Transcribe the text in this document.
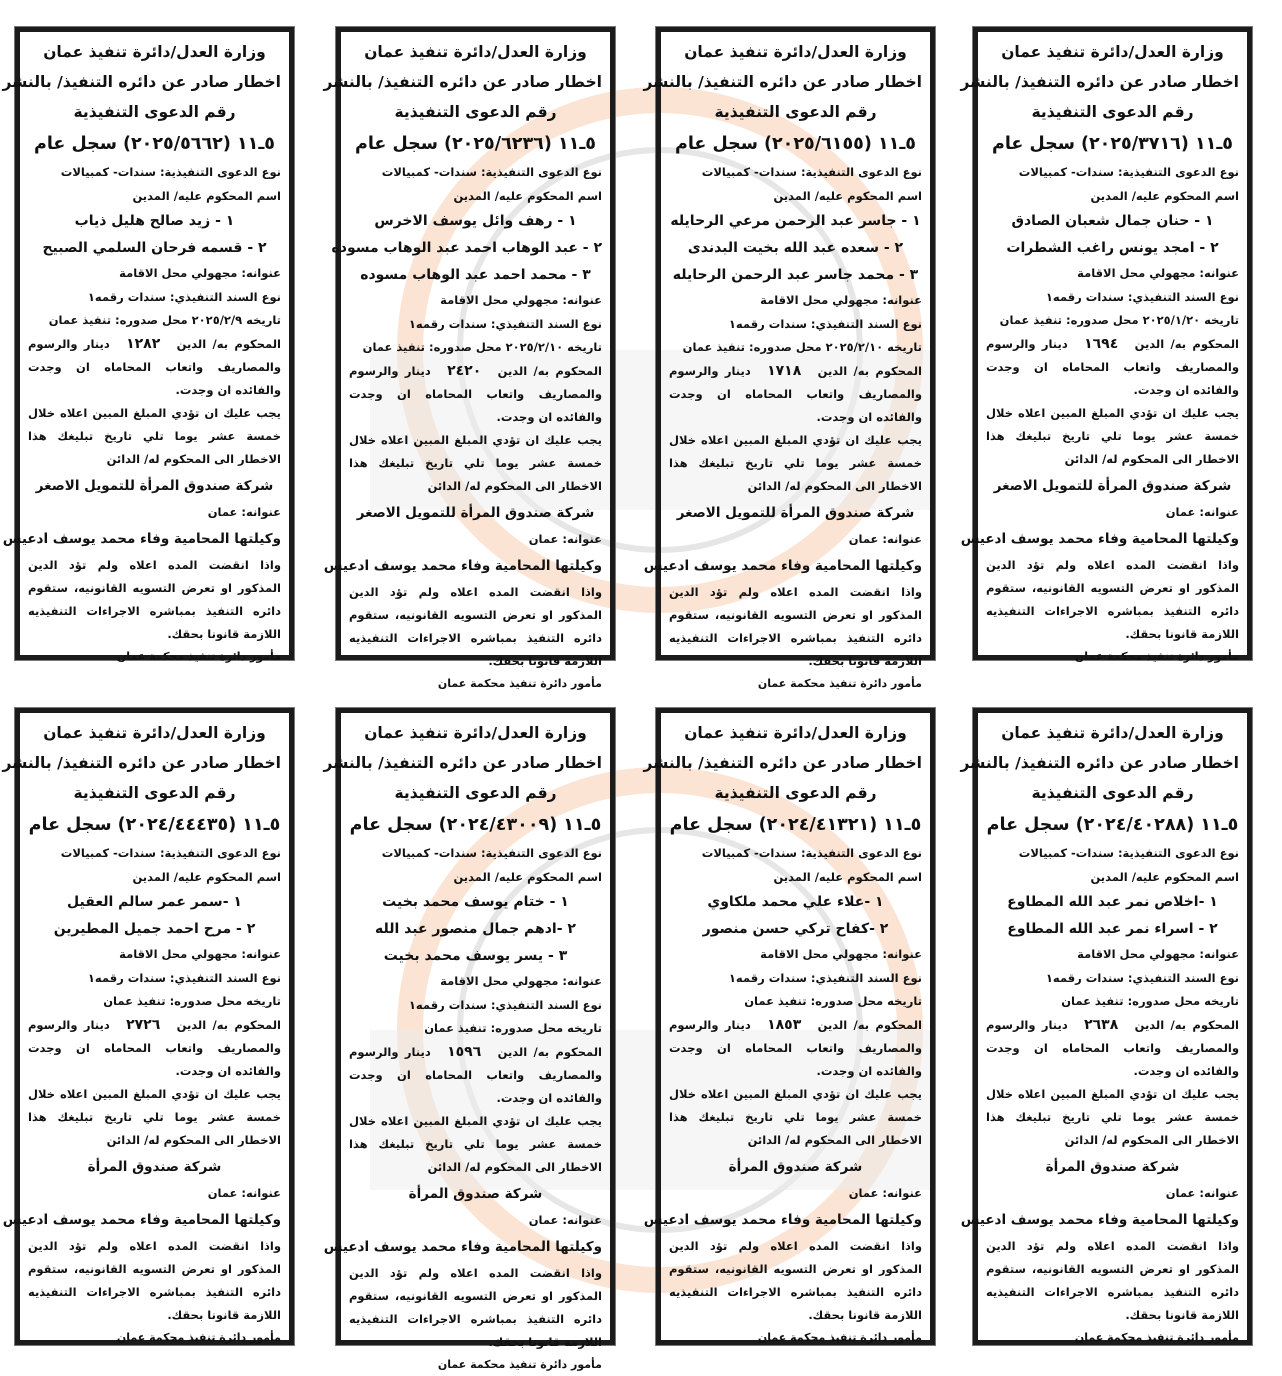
وزارة العدل/دائرة تنفيذ عمان
اخطار صادر عن دائره التنفيذ/ بالنشر
رقم الدعوى التنفيذية
٥ـ١١ (٢٠٢٥/٣٧١٦) سجل عام
نوع الدعوى التنفيذية: سندات- كمبيالات
اسم المحكوم عليه/ المدين
١ - حنان جمال شعبان الصادق
٢ - امجد يونس راغب الشطرات
عنوانه: مجهولي محل الاقامة
نوع السند التنفيذي: سندات رقمه١
تاريخه ٢٠٢٥/١/٢٠ محل صدوره: تنفيذ عمان
المحكوم به/ الدين ١٦٩٤ دينار والرسوم والمصاريف واتعاب المحاماه ان وجدت والفائده ان وجدت.
يجب عليك ان تؤدي المبلغ المبين اعلاه خلال خمسة عشر يوما تلي تاريخ تبليغك هذا الاخطار الى المحكوم له/ الدائن
شركة صندوق المرأة للتمويل الاصغر
عنوانه: عمان
وكيلتها المحامية وفاء محمد يوسف ادعيس
واذا انقضت المده اعلاه ولم تؤد الدين المذكور او تعرض التسويه القانونيه، ستقوم دائره التنفيذ بمباشره الاجراءات التنفيذيه اللازمة قانونا بحقك.
مأمور دائرة تنفيذ محكمة عمان
وزارة العدل/دائرة تنفيذ عمان
اخطار صادر عن دائره التنفيذ/ بالنشر
رقم الدعوى التنفيذية
٥ـ١١ (٢٠٢٥/٦١٥٥) سجل عام
نوع الدعوى التنفيذية: سندات- كمبيالات
اسم المحكوم عليه/ المدين
١ - جاسر عبد الرحمن مرعي الرحايله
٢ - سعده عبد الله بخيت البدندى
٣ - محمد جاسر عبد الرحمن الرحايله
عنوانه: مجهولي محل الاقامة
نوع السند التنفيذي: سندات رقمه١
تاريخه ٢٠٢٥/٢/١٠ محل صدوره: تنفيذ عمان
المحكوم به/ الدين ١٧١٨ دينار والرسوم والمصاريف واتعاب المحاماه ان وجدت والفائده ان وجدت.
يجب عليك ان تؤدي المبلغ المبين اعلاه خلال خمسة عشر يوما تلي تاريخ تبليغك هذا الاخطار الى المحكوم له/ الدائن
شركة صندوق المرأة للتمويل الاصغر
عنوانه: عمان
وكيلتها المحامية وفاء محمد يوسف ادعيس
واذا انقضت المده اعلاه ولم تؤد الدين المذكور او تعرض التسويه القانونيه، ستقوم دائره التنفيذ بمباشره الاجراءات التنفيذيه اللازمة قانونا بحقك.
مأمور دائرة تنفيذ محكمة عمان
وزارة العدل/دائرة تنفيذ عمان
اخطار صادر عن دائره التنفيذ/ بالنشر
رقم الدعوى التنفيذية
٥ـ١١ (٢٠٢٥/٦٢٣٦) سجل عام
نوع الدعوى التنفيذية: سندات- كمبيالات
اسم المحكوم عليه/ المدين
١ - رهف وائل يوسف الاخرس
٢ - عبد الوهاب احمد عبد الوهاب مسوده
٣ - محمد احمد عبد الوهاب مسوده
عنوانه: مجهولي محل الاقامة
نوع السند التنفيذي: سندات رقمه١
تاريخه ٢٠٢٥/٢/١٠ محل صدوره: تنفيذ عمان
المحكوم به/ الدين ٢٤٢٠ دينار والرسوم والمصاريف واتعاب المحاماه ان وجدت والفائده ان وجدت.
يجب عليك ان تؤدي المبلغ المبين اعلاه خلال خمسة عشر يوما تلي تاريخ تبليغك هذا الاخطار الى المحكوم له/ الدائن
شركة صندوق المرأة للتمويل الاصغر
عنوانه: عمان
وكيلتها المحامية وفاء محمد يوسف ادعيس
واذا انقضت المده اعلاه ولم تؤد الدين المذكور او تعرض التسويه القانونيه، ستقوم دائره التنفيذ بمباشره الاجراءات التنفيذيه اللازمة قانونا بحقك.
مأمور دائرة تنفيذ محكمة عمان
وزارة العدل/دائرة تنفيذ عمان
اخطار صادر عن دائره التنفيذ/ بالنشر
رقم الدعوى التنفيذية
٥ـ١١ (٢٠٢٥/٥٦٦٢) سجل عام
نوع الدعوى التنفيذية: سندات- كمبيالات
اسم المحكوم عليه/ المدين
١ - زيد صالح هليل ذياب
٢ - قسمه فرحان السلمي الصبيح
عنوانه: مجهولي محل الاقامة
نوع السند التنفيذي: سندات رقمه١
تاريخه ٢٠٢٥/٢/٩ محل صدوره: تنفيذ عمان
المحكوم به/ الدين ١٢٨٢ دينار والرسوم والمصاريف واتعاب المحاماه ان وجدت والفائده ان وجدت.
يجب عليك ان تؤدي المبلغ المبين اعلاه خلال خمسة عشر يوما تلي تاريخ تبليغك هذا الاخطار الى المحكوم له/ الدائن
شركة صندوق المرأة للتمويل الاصغر
عنوانه: عمان
وكيلتها المحامية وفاء محمد يوسف ادعيس
واذا انقضت المده اعلاه ولم تؤد الدين المذكور او تعرض التسويه القانونيه، ستقوم دائره التنفيذ بمباشره الاجراءات التنفيذيه اللازمة قانونا بحقك.
مأمور دائرة تنفيذ محكمة عمان
وزارة العدل/دائرة تنفيذ عمان
اخطار صادر عن دائره التنفيذ/ بالنشر
رقم الدعوى التنفيذية
٥ـ١١ (٢٠٢٤/٤٠٢٨٨) سجل عام
نوع الدعوى التنفيذية: سندات- كمبيالات
اسم المحكوم عليه/ المدين
١ -اخلاص نمر عبد الله المطاوع
٢ - اسراء نمر عبد الله المطاوع
عنوانه: مجهولي محل الاقامة
نوع السند التنفيذي: سندات رقمه١
تاريخه محل صدوره: تنفيذ عمان
المحكوم به/ الدين ٢٦٣٨ دينار والرسوم والمصاريف واتعاب المحاماه ان وجدت والفائده ان وجدت.
يجب عليك ان تؤدي المبلغ المبين اعلاه خلال خمسة عشر يوما تلي تاريخ تبليغك هذا الاخطار الى المحكوم له/ الدائن
شركة صندوق المرأة
عنوانه: عمان
وكيلتها المحامية وفاء محمد يوسف ادعيس
واذا انقضت المده اعلاه ولم تؤد الدين المذكور او تعرض التسويه القانونيه، ستقوم دائره التنفيذ بمباشره الاجراءات التنفيذيه اللازمة قانونا بحقك.
مأمور دائرة تنفيذ محكمة عمان
وزارة العدل/دائرة تنفيذ عمان
اخطار صادر عن دائره التنفيذ/ بالنشر
رقم الدعوى التنفيذية
٥ـ١١ (٢٠٢٤/٤١٣٢١) سجل عام
نوع الدعوى التنفيذية: سندات- كمبيالات
اسم المحكوم عليه/ المدين
١ -علاء علي محمد ملكاوي
٢ -كفاح تركي حسن منصور
عنوانه: مجهولي محل الاقامة
نوع السند التنفيذي: سندات رقمه١
تاريخه محل صدوره: تنفيذ عمان
المحكوم به/ الدين ١٨٥٣ دينار والرسوم والمصاريف واتعاب المحاماه ان وجدت والفائده ان وجدت.
يجب عليك ان تؤدي المبلغ المبين اعلاه خلال خمسة عشر يوما تلي تاريخ تبليغك هذا الاخطار الى المحكوم له/ الدائن
شركة صندوق المرأة
عنوانه: عمان
وكيلتها المحامية وفاء محمد يوسف ادعيس
واذا انقضت المده اعلاه ولم تؤد الدين المذكور او تعرض التسويه القانونيه، ستقوم دائره التنفيذ بمباشره الاجراءات التنفيذيه اللازمة قانونا بحقك.
مأمور دائرة تنفيذ محكمة عمان
وزارة العدل/دائرة تنفيذ عمان
اخطار صادر عن دائره التنفيذ/ بالنشر
رقم الدعوى التنفيذية
٥ـ١١ (٢٠٢٤/٤٣٠٠٩) سجل عام
نوع الدعوى التنفيذية: سندات- كمبيالات
اسم المحكوم عليه/ المدين
١ - ختام يوسف محمد بخيت
٢ -ادهم جمال منصور عبد الله
٣ - يسر يوسف محمد بخيت
عنوانه: مجهولي محل الاقامة
نوع السند التنفيذي: سندات رقمه١
تاريخه محل صدوره: تنفيذ عمان
المحكوم به/ الدين ١٥٩٦ دينار والرسوم والمصاريف واتعاب المحاماه ان وجدت والفائده ان وجدت.
يجب عليك ان تؤدي المبلغ المبين اعلاه خلال خمسة عشر يوما تلي تاريخ تبليغك هذا الاخطار الى المحكوم له/ الدائن
شركة صندوق المرأة
عنوانه: عمان
وكيلتها المحامية وفاء محمد يوسف ادعيس
واذا انقضت المده اعلاه ولم تؤد الدين المذكور او تعرض التسويه القانونيه، ستقوم دائره التنفيذ بمباشره الاجراءات التنفيذيه اللازمة قانونا بحقك.
مأمور دائرة تنفيذ محكمة عمان
وزارة العدل/دائرة تنفيذ عمان
اخطار صادر عن دائره التنفيذ/ بالنشر
رقم الدعوى التنفيذية
٥ـ١١ (٢٠٢٤/٤٤٤٣٥) سجل عام
نوع الدعوى التنفيذية: سندات- كمبيالات
اسم المحكوم عليه/ المدين
١ -سمر عمر سالم العقيل
٢ - مرح احمد جميل المطيرين
عنوانه: مجهولي محل الاقامة
نوع السند التنفيذي: سندات رقمه١
تاريخه محل صدوره: تنفيذ عمان
المحكوم به/ الدين ٢٧٢٦ دينار والرسوم والمصاريف واتعاب المحاماه ان وجدت والفائده ان وجدت.
يجب عليك ان تؤدي المبلغ المبين اعلاه خلال خمسة عشر يوما تلي تاريخ تبليغك هذا الاخطار الى المحكوم له/ الدائن
شركة صندوق المرأة
عنوانه: عمان
وكيلتها المحامية وفاء محمد يوسف ادعيس
واذا انقضت المده اعلاه ولم تؤد الدين المذكور او تعرض التسويه القانونيه، ستقوم دائره التنفيذ بمباشره الاجراءات التنفيذيه اللازمة قانونا بحقك.
مأمور دائرة تنفيذ محكمة عمان
